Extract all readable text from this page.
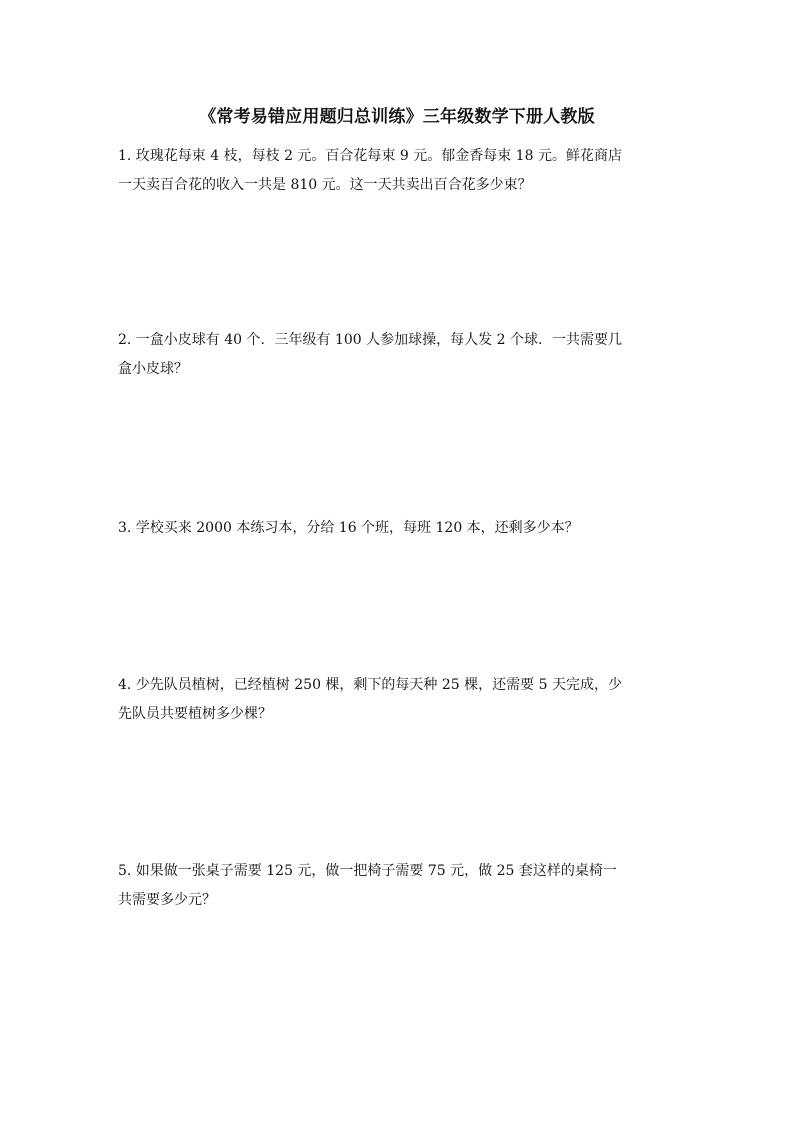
《常考易错应用题归总训练》三年级数学下册人教版
1. 玫瑰花每束 4 枝，每枝 2 元。百合花每束 9 元。郁金香每束 18 元。鲜花商店
一天卖百合花的收入一共是 810 元。这一天共卖出百合花多少束？
2. 一盒小皮球有 40 个．三年级有 100 人参加球操，每人发 2 个球．一共需要几
盒小皮球？
3. 学校买来 2000 本练习本，分给 16 个班，每班 120 本，还剩多少本？
4. 少先队员植树，已经植树 250 棵，剩下的每天种 25 棵，还需要 5 天完成，少
先队员共要植树多少棵？
5. 如果做一张桌子需要 125 元，做一把椅子需要 75 元，做 25 套这样的桌椅一
共需要多少元？
